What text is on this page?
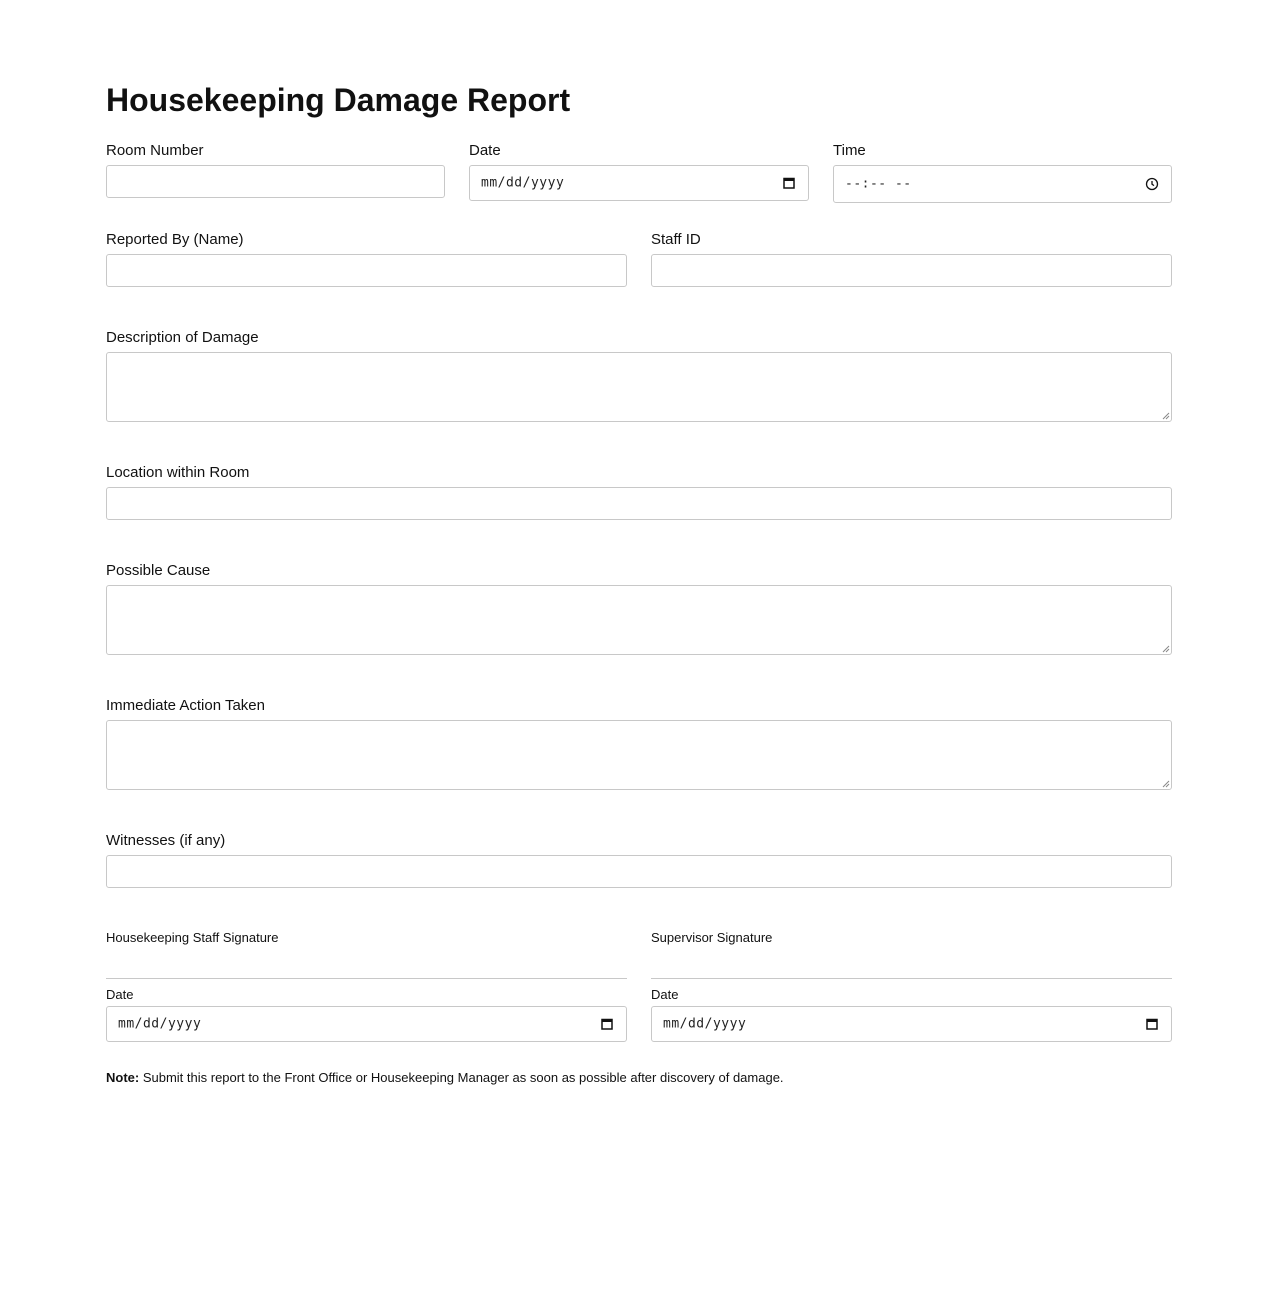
Housekeeping Damage Report
Room Number	Date
mm/dd/yyyy
Time
--:-- --
Reported By (Name)	Staff ID
Description of Damage
Location within Room
Possible Cause
Immediate Action Taken
Witnesses (if any)
Housekeeping Staff Signature
Date
mm/dd/yyyy
Supervisor Signature
Date
mm/dd/yyyy
Note: Submit this report to the Front Office or Housekeeping Manager as soon as possible after discovery of damage.
